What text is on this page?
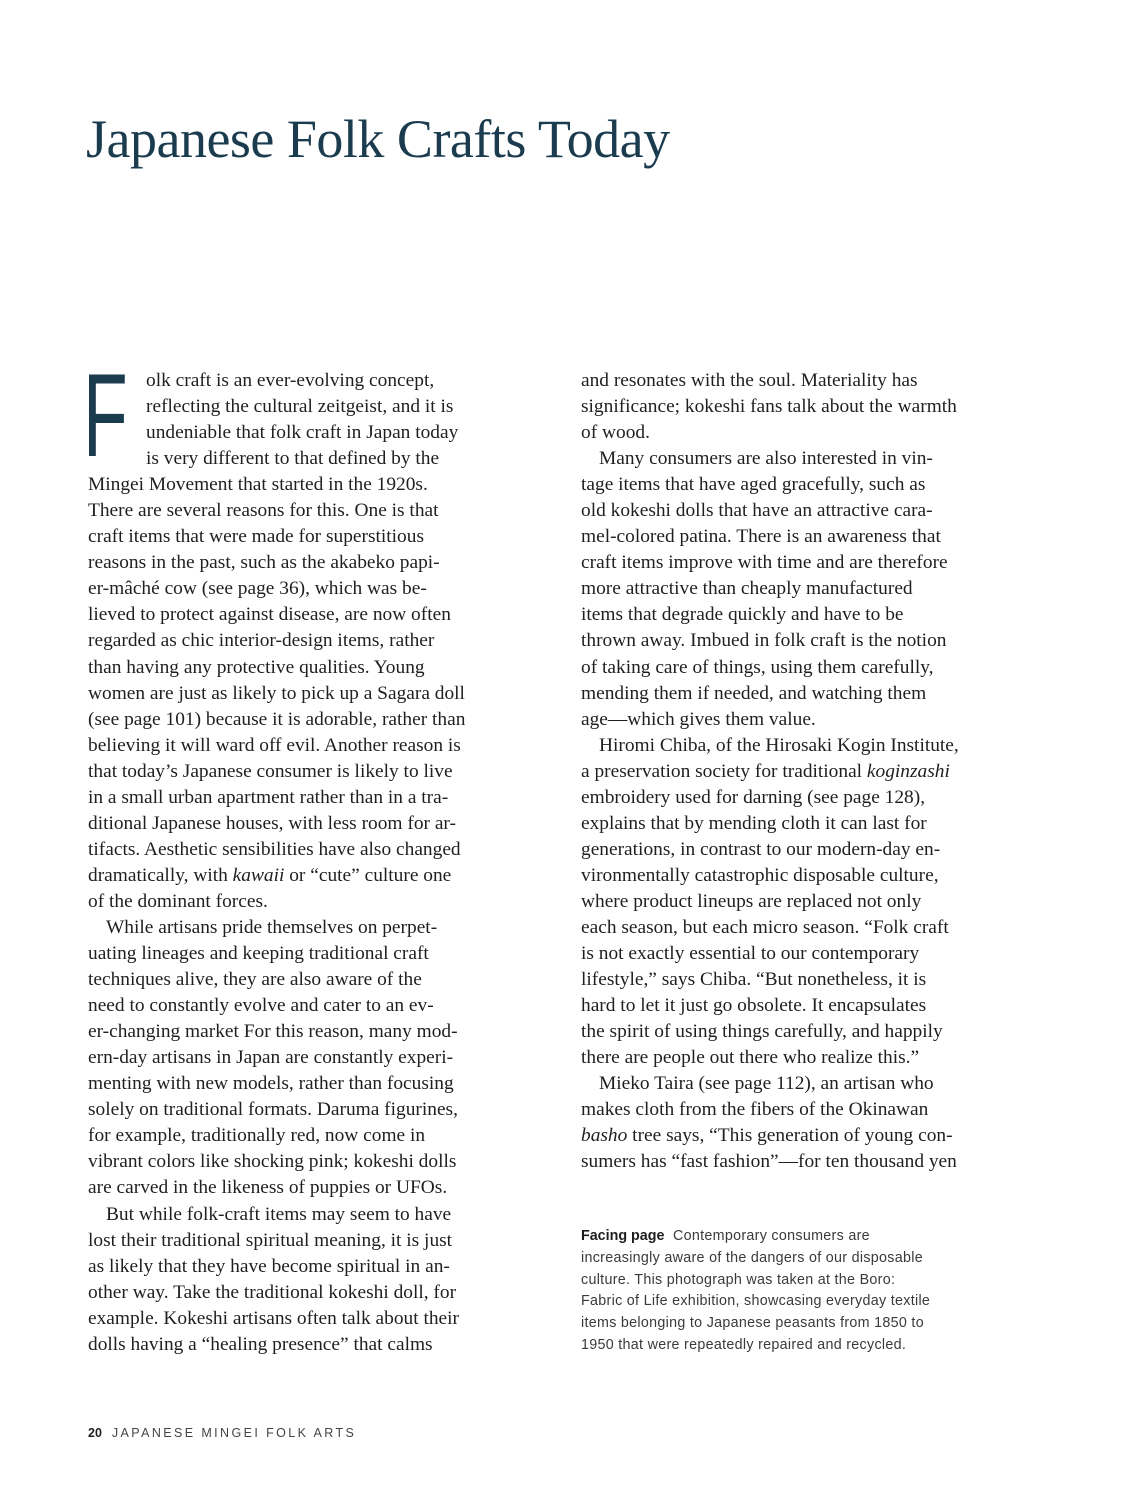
Japanese Folk Crafts Today

F olk craft is an ever-evolving concept,
reflecting the cultural zeitgeist, and it is
undeniable that folk craft in Japan today
is very different to that defined by the
Mingei Movement that started in the 1920s.
There are several reasons for this. One is that
craft items that were made for superstitious
reasons in the past, such as the akabeko papi-
er-mâché cow (see page 36), which was be-
lieved to protect against disease, are now often
regarded as chic interior-design items, rather
than having any protective qualities. Young
women are just as likely to pick up a Sagara doll
(see page 101) because it is adorable, rather than
believing it will ward off evil. Another reason is
that today’s Japanese consumer is likely to live
in a small urban apartment rather than in a tra-
ditional Japanese houses, with less room for ar-
tifacts. Aesthetic sensibilities have also changed
dramatically, with kawaii or “cute” culture one
of the dominant forces.

While artisans pride themselves on perpet-
uating lineages and keeping traditional craft
techniques alive, they are also aware of the
need to constantly evolve and cater to an ev-
er-changing market For this reason, many mod-
ern-day artisans in Japan are constantly experi-
menting with new models, rather than focusing
solely on traditional formats. Daruma figurines,
for example, traditionally red, now come in
vibrant colors like shocking pink; kokeshi dolls
are carved in the likeness of puppies or UFOs.

But while folk-craft items may seem to have
lost their traditional spiritual meaning, it is just
as likely that they have become spiritual in an-
other way. Take the traditional kokeshi doll, for
example. Kokeshi artisans often talk about their
dolls having a “healing presence” that calms

and resonates with the soul. Materiality has
significance; kokeshi fans talk about the warmth
of wood.

Many consumers are also interested in vin-
tage items that have aged gracefully, such as
old kokeshi dolls that have an attractive cara-
mel-colored patina. There is an awareness that
craft items improve with time and are therefore
more attractive than cheaply manufactured
items that degrade quickly and have to be
thrown away. Imbued in folk craft is the notion
of taking care of things, using them carefully,
mending them if needed, and watching them
age—which gives them value.

Hiromi Chiba, of the Hirosaki Kogin Institute,
a preservation society for traditional koginzashi
embroidery used for darning (see page 128),
explains that by mending cloth it can last for
generations, in contrast to our modern-day en-
vironmentally catastrophic disposable culture,
where product lineups are replaced not only
each season, but each micro season. “Folk craft
is not exactly essential to our contemporary
lifestyle,” says Chiba. “But nonetheless, it is
hard to let it just go obsolete. It encapsulates
the spirit of using things carefully, and happily
there are people out there who realize this.”

Mieko Taira (see page 112), an artisan who
makes cloth from the fibers of the Okinawan
basho tree says, “This generation of young con-
sumers has “fast fashion”—for ten thousand yen

Facing page Contemporary consumers are
increasingly aware of the dangers of our disposable
culture. This photograph was taken at the Boro:
Fabric of Life exhibition, showcasing everyday textile
items belonging to Japanese peasants from 1850 to
1950 that were repeatedly repaired and recycled.
20 JAPANESE MINGEI FOLK ARTS
